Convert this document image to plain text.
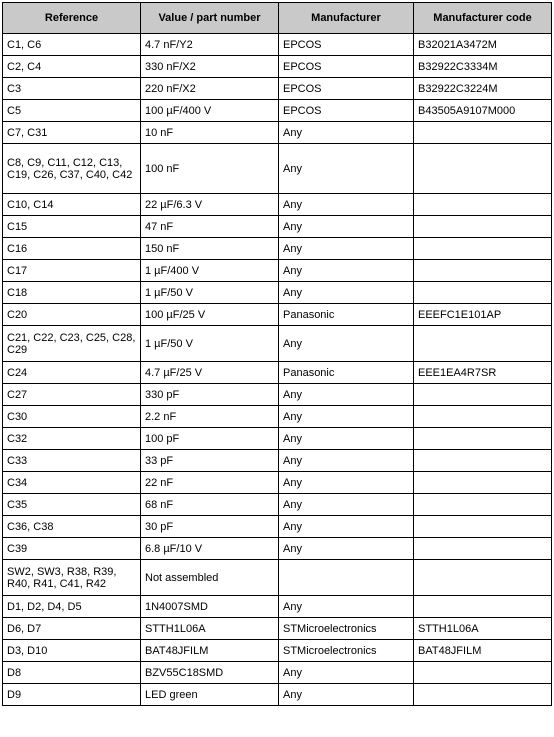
Reference	Value / part number	Manufacturer	Manufacturer code
C1, C6	4.7 nF/Y2	EPCOS	B32021A3472M
C2, C4	330 nF/X2	EPCOS	B32922C3334M
C3	220 nF/X2	EPCOS	B32922C3224M
C5	100 µF/400 V	EPCOS	B43505A9107M000
C7, C31	10 nF	Any	
C8, C9, C11, C12, C13, C19, C26, C37, C40, C42	100 nF	Any	
C10, C14	22 µF/6.3 V	Any	
C15	47 nF	Any	
C16	150 nF	Any	
C17	1 µF/400 V	Any	
C18	1 µF/50 V	Any	
C20	100 µF/25 V	Panasonic	EEEFC1E101AP
C21, C22, C23, C25, C28, C29	1 µF/50 V	Any	
C24	4.7 µF/25 V	Panasonic	EEE1EA4R7SR
C27	330 pF	Any	
C30	2.2 nF	Any	
C32	100 pF	Any	
C33	33 pF	Any	
C34	22 nF	Any	
C35	68 nF	Any	
C36, C38	30 pF	Any	
C39	6.8 µF/10 V	Any	
SW2, SW3, R38, R39, R40, R41, C41, R42	Not assembled		
D1, D2, D4, D5	1N4007SMD	Any	
D6, D7	STTH1L06A	STMicroelectronics	STTH1L06A
D3, D10	BAT48JFILM	STMicroelectronics	BAT48JFILM
D8	BZV55C18SMD	Any	
D9	LED green	Any	
